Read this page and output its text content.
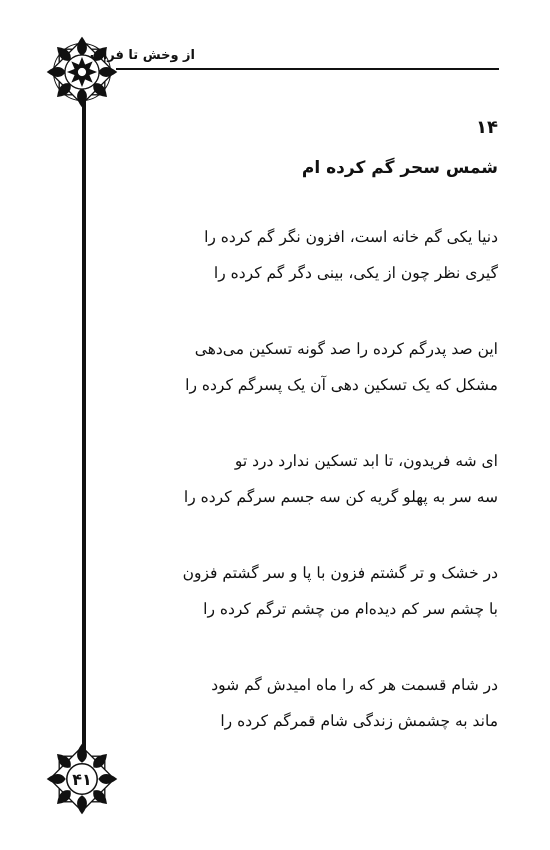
از وخش تا فرات
۱۴
شمس سحر گم کرده ام
دنیا یکی گم خانه است، افزون نگر گم کرده را
گیری نظر چون از یکی، بینی دگر گم کرده را
این صد پدرگم کرده را صد گونه تسکین می‌دهی
مشکل که یک تسکین دهی آن یک پسرگم کرده را
ای شه فریدون، تا ابد تسکین ندارد درد تو
سه سر به پهلو گریه کن سه جسم سرگم کرده را
در خشک و تر گشتم فزون با پا و سر گشتم فزون
با چشم سر کم دیده‌ام من چشم ترگم کرده را
در شام قسمت هر که را ماه امیدش گم شود
ماند به چشمش زندگی شام قمرگم کرده را
۴۱
